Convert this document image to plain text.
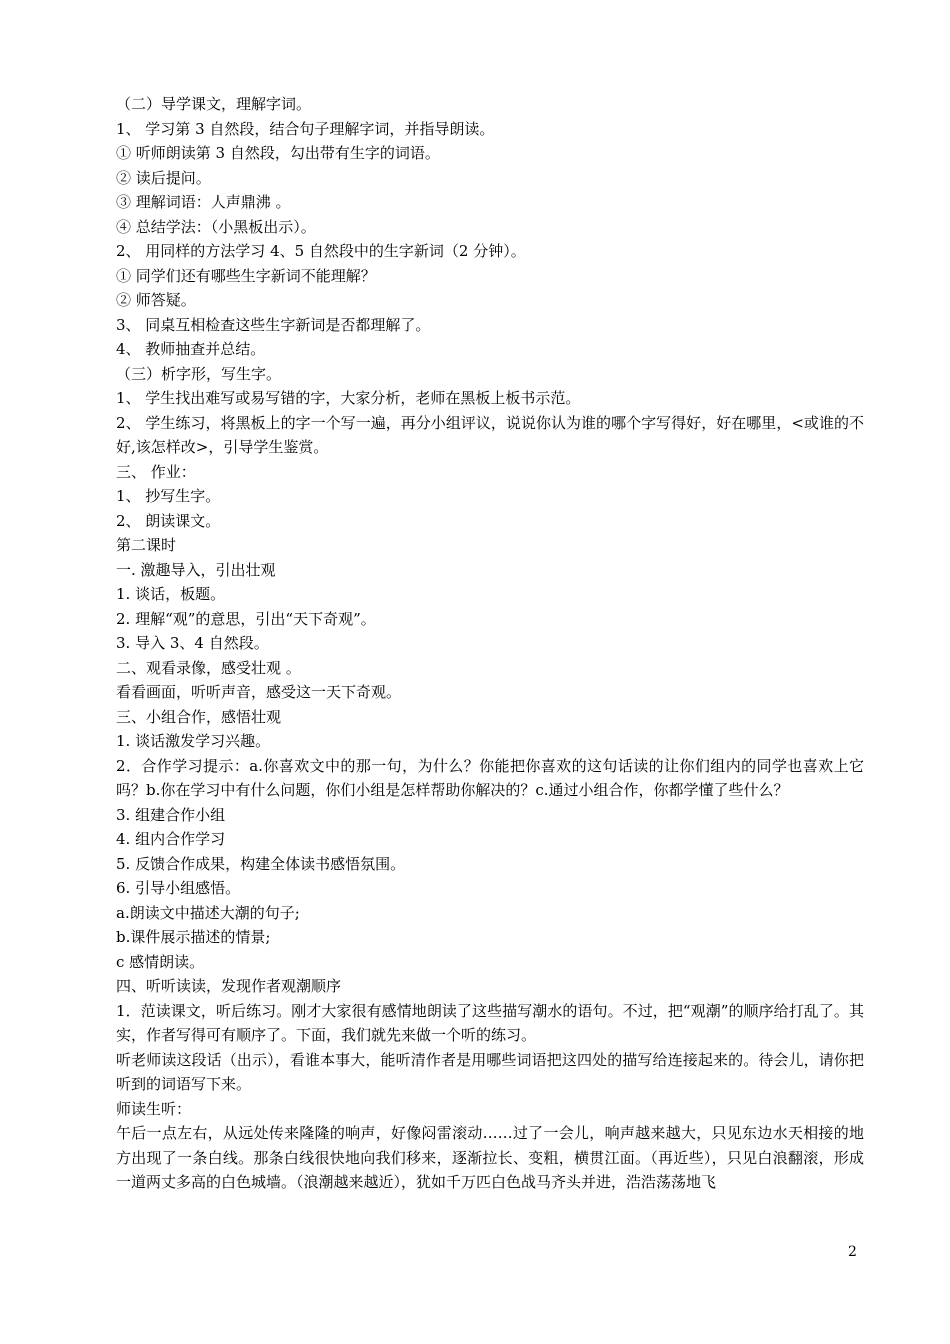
（二）导学课文，理解字词。
1、 学习第 3 自然段，结合句子理解字词，并指导朗读。
① 听师朗读第 3 自然段，勾出带有生字的词语。
② 读后提问。
③ 理解词语：人声鼎沸 。
④ 总结学法：（小黑板出示）。
2、 用同样的方法学习 4、5 自然段中的生字新词（2 分钟）。
① 同学们还有哪些生字新词不能理解？
② 师答疑。
3、 同桌互相检查这些生字新词是否都理解了。
4、 教师抽查并总结。
（三）析字形，写生字。
1、 学生找出难写或易写错的字，大家分析，老师在黑板上板书示范。
2、 学生练习，将黑板上的字一个写一遍，再分小组评议，说说你认为谁的哪个字写得好，好在哪里，<或谁的不好,该怎样改>，引导学生鉴赏。
三、 作业：
1、 抄写生字。
2、 朗读课文。
第二课时
一. 激趣导入，引出壮观
1. 谈话，板题。
2. 理解“观”的意思，引出“天下奇观”。
3. 导入 3、4 自然段。
二、观看录像，感受壮观 。
看看画面，听听声音，感受这一天下奇观。
三、小组合作，感悟壮观
1. 谈话激发学习兴趣。
2．合作学习提示：a.你喜欢文中的那一句，为什么？你能把你喜欢的这句话读的让你们组内的同学也喜欢上它吗？b.你在学习中有什么问题，你们小组是怎样帮助你解决的？c.通过小组合作，你都学懂了些什么？
3. 组建合作小组
4. 组内合作学习
5. 反馈合作成果，构建全体读书感悟氛围。
6. 引导小组感悟。
a.朗读文中描述大潮的句子;
b.课件展示描述的情景;
c 感情朗读。
四、听听读读，发现作者观潮顺序
1．范读课文，听后练习。刚才大家很有感情地朗读了这些描写潮水的语句。不过，把“观潮”的顺序给打乱了。其实，作者写得可有顺序了。下面，我们就先来做一个听的练习。
听老师读这段话（出示），看谁本事大，能听清作者是用哪些词语把这四处的描写给连接起来的。待会儿，请你把听到的词语写下来。
师读生听：
午后一点左右，从远处传来隆隆的响声，好像闷雷滚动……过了一会儿，响声越来越大，只见东边水天相接的地方出现了一条白线。那条白线很快地向我们移来，逐渐拉长、变粗，横贯江面。（再近些），只见白浪翻滚，形成一道两丈多高的白色城墙。（浪潮越来越近），犹如千万匹白色战马齐头并进，浩浩荡荡地飞
2
